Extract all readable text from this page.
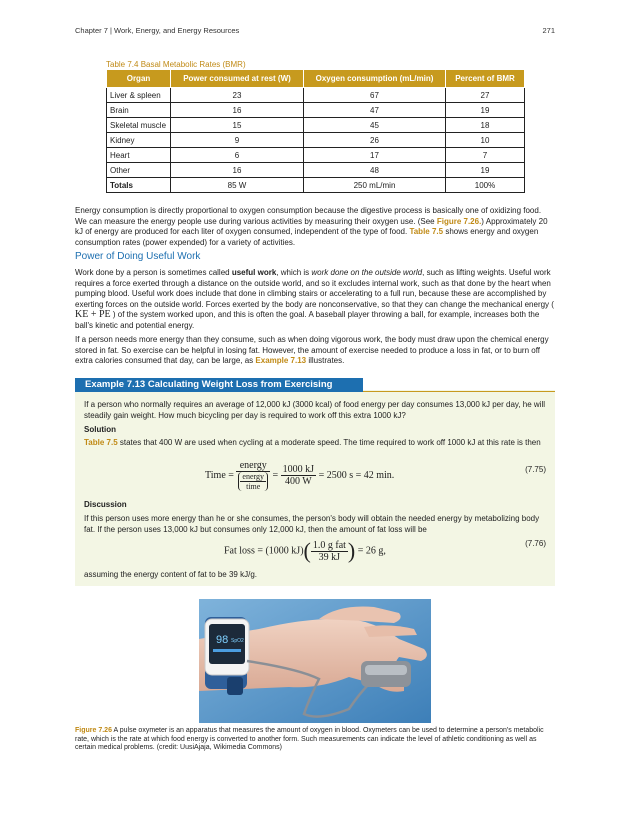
Chapter 7 | Work, Energy, and Energy Resources	271
Table 7.4 Basal Metabolic Rates (BMR)
Organ	Power consumed at rest (W)	Oxygen consumption (mL/min)	Percent of BMR
Liver & spleen	23	67	27
Brain	16	47	19
Skeletal muscle	15	45	18
Kidney	9	26	10
Heart	6	17	7
Other	16	48	19
Totals	85 W	250 mL/min	100%
Energy consumption is directly proportional to oxygen consumption because the digestive process is basically one of oxidizing food. We can measure the energy people use during various activities by measuring their oxygen use. (See Figure 7.26.) Approximately 20 kJ of energy are produced for each liter of oxygen consumed, independent of the type of food. Table 7.5 shows energy and oxygen consumption rates (power expended) for a variety of activities.
Power of Doing Useful Work
Work done by a person is sometimes called useful work, which is work done on the outside world, such as lifting weights. Useful work requires a force exerted through a distance on the outside world, and so it excludes internal work, such as that done by the heart when pumping blood. Useful work does include that done in climbing stairs or accelerating to a full run, because these are accomplished by exerting forces on the outside world. Forces exerted by the body are nonconservative, so that they can change the mechanical energy ( KE + PE ) of the system worked upon, and this is often the goal. A baseball player throwing a ball, for example, increases both the ball's kinetic and potential energy.
If a person needs more energy than they consume, such as when doing vigorous work, the body must draw upon the chemical energy stored in fat. So exercise can be helpful in losing fat. However, the amount of exercise needed to produce a loss in fat, or to burn off extra calories consumed that day, can be large, as Example 7.13 illustrates.
Example 7.13 Calculating Weight Loss from Exercising
If a person who normally requires an average of 12,000 kJ (3000 kcal) of food energy per day consumes 13,000 kJ per day, he will steadily gain weight. How much bicycling per day is required to work off this extra 1000 kJ?
Solution
Table 7.5 states that 400 W are used when cycling at a moderate speed. The time required to work off 1000 kJ at this rate is then
Time = $\frac{\text{energy}}{\frac{\text{energy}}{\text{time}}} = \frac{1000 kJ}{400 W} = 2500$ s = 42 min.
(7.75)
Discussion
If this person uses more energy than he or she consumes, the person's body will obtain the needed energy by metabolizing body fat. If the person uses 13,000 kJ but consumes only 12,000 kJ, then the amount of fat loss will be
Fat loss = (1000 $kJ)( \frac{\text{1.0 g fat}}{39 kJ}$ ) = 26 g,
(7.76)
assuming the energy content of fat to be 39 kJ/g.
98 SpO2
Figure 7.26 A pulse oxymeter is an apparatus that measures the amount of oxygen in blood. Oxymeters can be used to determine a person's metabolic rate, which is the rate at which food energy is converted to another form. Such measurements can indicate the level of athletic conditioning as well as certain medical problems. (credit: UusiAjaja, Wikimedia Commons)
